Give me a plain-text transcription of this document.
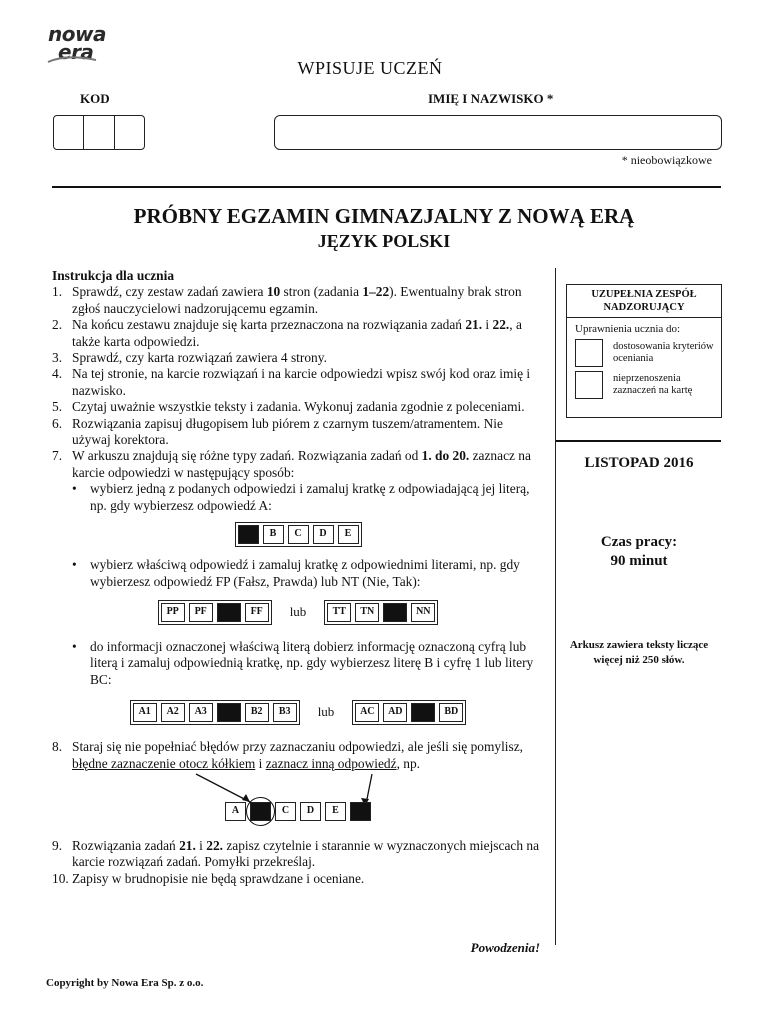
nowa
era
WPISUJE UCZEŃ
KOD	IMIĘ I NAZWISKO *
* nieobowiązkowe
PRÓBNY EGZAMIN GIMNAZJALNY Z NOWĄ ERĄ
JĘZYK POLSKI
Instrukcja dla ucznia
1. Sprawdź, czy zestaw zadań zawiera 10 stron (zadania 1–22). Ewentualny brak stron zgłoś nauczycielowi nadzorującemu egzamin.
2. Na końcu zestawu znajduje się karta przeznaczona na rozwiązania zadań 21. i 22., a także karta odpowiedzi.
3. Sprawdź, czy karta rozwiązań zawiera 4 strony.
4. Na tej stronie, na karcie rozwiązań i na karcie odpowiedzi wpisz swój kod oraz imię i nazwisko.
5. Czytaj uważnie wszystkie teksty i zadania. Wykonuj zadania zgodnie z poleceniami.
6. Rozwiązania zapisuj długopisem lub piórem z czarnym tuszem/atramentem. Nie używaj korektora.
7. W arkuszu znajdują się różne typy zadań. Rozwiązania zadań od 1. do 20. zaznacz na karcie odpowiedzi w następujący sposób:
• wybierz jedną z podanych odpowiedzi i zamaluj kratkę z odpowiadającą jej literą, np. gdy wybierzesz odpowiedź A:
B	C	D	E
• wybierz właściwą odpowiedź i zamaluj kratkę z odpowiednimi literami, np. gdy wybierzesz odpowiedź FP (Fałsz, Prawda) lub NT (Nie, Tak):
PP	PF	FF	lub	TT	TN	NN
• do informacji oznaczonej właściwą literą dobierz informację oznaczoną cyfrą lub literą i zamaluj odpowiednią kratkę, np. gdy wybierzesz literę B i cyfrę 1 lub litery BC:
A1	A2	A3	B2	B3	lub	AC	AD	BD
8. Staraj się nie popełniać błędów przy zaznaczaniu odpowiedzi, ale jeśli się pomylisz, błędne zaznaczenie otocz kółkiem i zaznacz inną odpowiedź, np.
A	C	D	E
9. Rozwiązania zadań 21. i 22. zapisz czytelnie i starannie w wyznaczonych miejscach na karcie rozwiązań zadań. Pomyłki przekreślaj.
10. Zapisy w brudnopisie nie będą sprawdzane i oceniane.
Powodzenia!
UZUPEŁNIA ZESPÓŁ NADZORUJĄCY
Uprawnienia ucznia do:
dostosowania kryteriów oceniania
nieprzenoszenia zaznaczeń na kartę
LISTOPAD 2016
Czas pracy:
90 minut
Arkusz zawiera teksty liczące więcej niż 250 słów.
Copyright by Nowa Era Sp. z o.o.
